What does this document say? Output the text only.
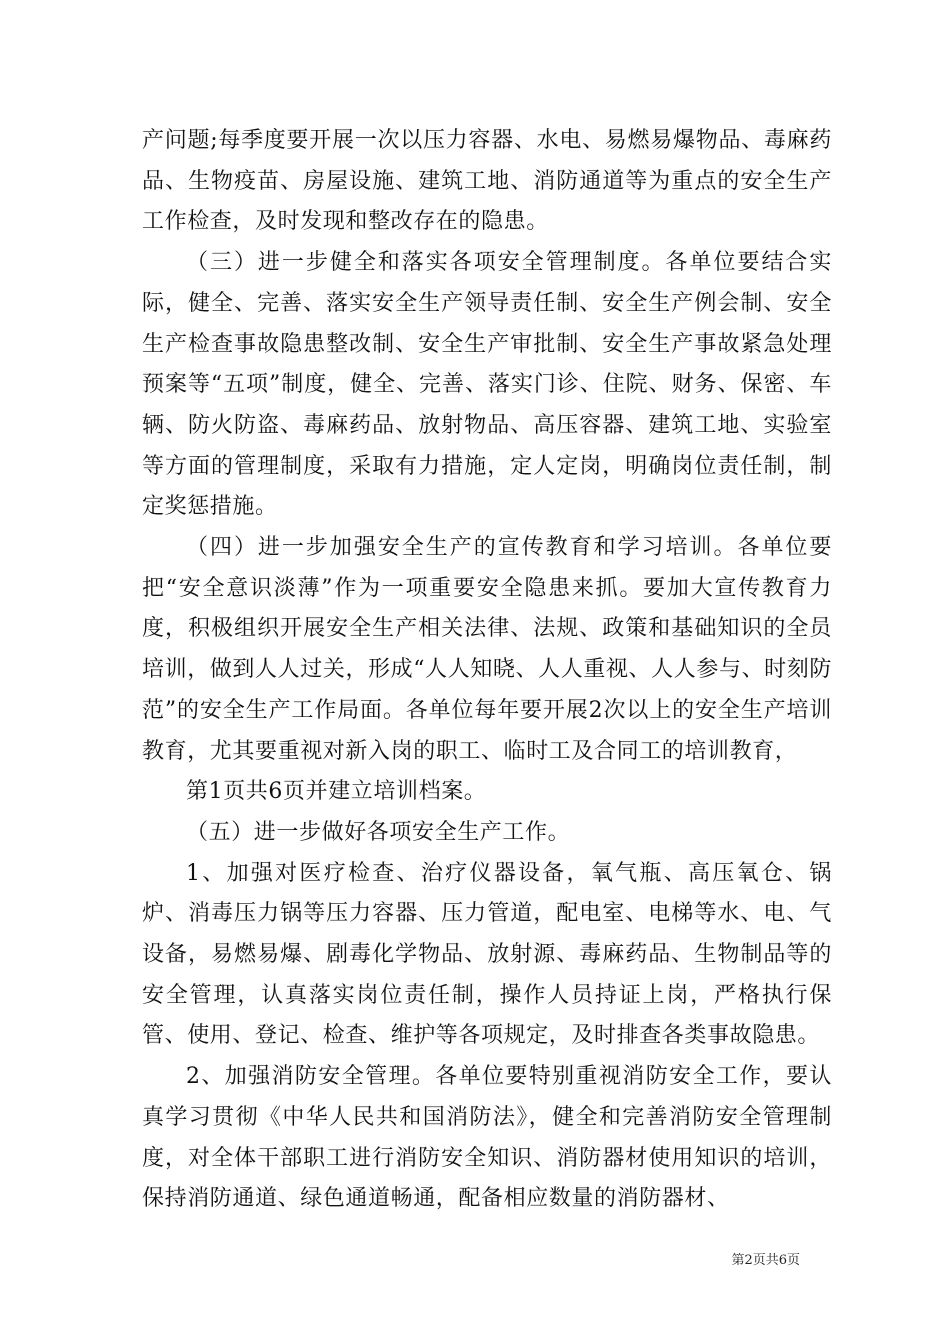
产问题;每季度要开展一次以压力容器、水电、易燃易爆物品、毒麻药品、生物疫苗、房屋设施、建筑工地、消防通道等为重点的安全生产工作检查，及时发现和整改存在的隐患。

（三）进一步健全和落实各项安全管理制度。各单位要结合实际，健全、完善、落实安全生产领导责任制、安全生产例会制、安全生产检查事故隐患整改制、安全生产审批制、安全生产事故紧急处理预案等“五项”制度，健全、完善、落实门诊、住院、财务、保密、车辆、防火防盗、毒麻药品、放射物品、高压容器、建筑工地、实验室等方面的管理制度，采取有力措施，定人定岗，明确岗位责任制，制定奖惩措施。

（四）进一步加强安全生产的宣传教育和学习培训。各单位要把“安全意识淡薄”作为一项重要安全隐患来抓。要加大宣传教育力度，积极组织开展安全生产相关法律、法规、政策和基础知识的全员培训，做到人人过关，形成“人人知晓、人人重视、人人参与、时刻防范”的安全生产工作局面。各单位每年要开展2次以上的安全生产培训教育，尤其要重视对新入岗的职工、临时工及合同工的培训教育，

第1页共6页并建立培训档案。

（五）进一步做好各项安全生产工作。

1、加强对医疗检查、治疗仪器设备，氧气瓶、高压氧仓、锅炉、消毒压力锅等压力容器、压力管道，配电室、电梯等水、电、气设备，易燃易爆、剧毒化学物品、放射源、毒麻药品、生物制品等的安全管理，认真落实岗位责任制，操作人员持证上岗，严格执行保管、使用、登记、检查、维护等各项规定，及时排查各类事故隐患。

2、加强消防安全管理。各单位要特别重视消防安全工作，要认真学习贯彻《中华人民共和国消防法》，健全和完善消防安全管理制度，对全体干部职工进行消防安全知识、消防器材使用知识的培训，保持消防通道、绿色通道畅通，配备相应数量的消防器材、

第2页共6页
